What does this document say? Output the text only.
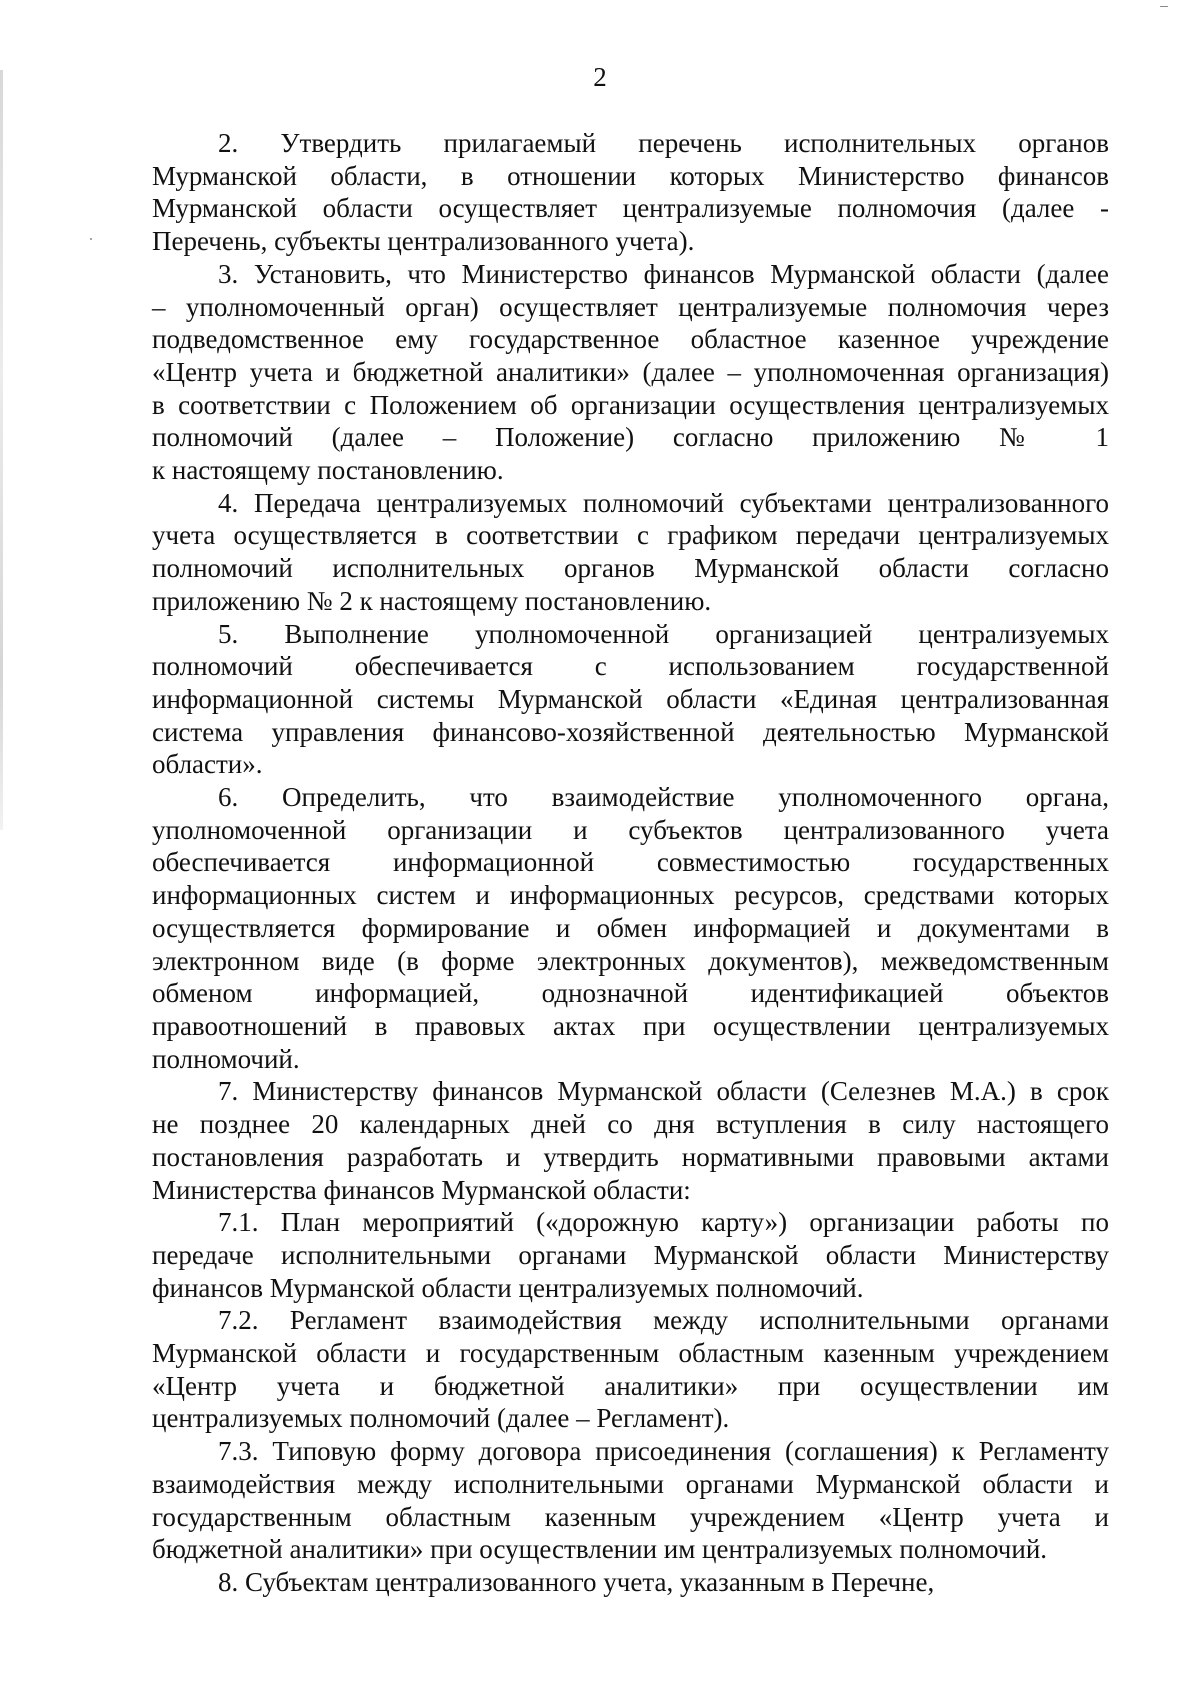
2

2. Утвердить прилагаемый перечень исполнительных органов
Мурманской области, в отношении которых Министерство финансов
Мурманской области осуществляет централизуемые полномочия (далее -
Перечень, субъекты централизованного учета).

3. Установить, что Министерство финансов Мурманской области (далее
– уполномоченный орган) осуществляет централизуемые полномочия через
подведомственное ему государственное областное казенное учреждение
«Центр учета и бюджетной аналитики» (далее – уполномоченная организация)
в соответствии с Положением об организации осуществления централизуемых
полномочий (далее – Положение) согласно приложению № 1
к настоящему постановлению.

4. Передача централизуемых полномочий субъектами централизованного
учета осуществляется в соответствии с графиком передачи централизуемых
полномочий исполнительных органов Мурманской области согласно
приложению № 2 к настоящему постановлению.

5. Выполнение уполномоченной организацией централизуемых
полномочий обеспечивается с использованием государственной
информационной системы Мурманской области «Единая централизованная
система управления финансово-хозяйственной деятельностью Мурманской
области».

6. Определить, что взаимодействие уполномоченного органа,
уполномоченной организации и субъектов централизованного учета
обеспечивается информационной совместимостью государственных
информационных систем и информационных ресурсов, средствами которых
осуществляется формирование и обмен информацией и документами в
электронном виде (в форме электронных документов), межведомственным
обменом информацией, однозначной идентификацией объектов
правоотношений в правовых актах при осуществлении централизуемых
полномочий.

7. Министерству финансов Мурманской области (Селезнев М.А.) в срок
не позднее 20 календарных дней со дня вступления в силу настоящего
постановления разработать и утвердить нормативными правовыми актами
Министерства финансов Мурманской области:

7.1. План мероприятий («дорожную карту») организации работы по
передаче исполнительными органами Мурманской области Министерству
финансов Мурманской области централизуемых полномочий.

7.2. Регламент взаимодействия между исполнительными органами
Мурманской области и государственным областным казенным учреждением
«Центр учета и бюджетной аналитики» при осуществлении им
централизуемых полномочий (далее – Регламент).

7.3. Типовую форму договора присоединения (соглашения) к Регламенту
взаимодействия между исполнительными органами Мурманской области и
государственным областным казенным учреждением «Центр учета и
бюджетной аналитики» при осуществлении им централизуемых полномочий.

8. Субъектам централизованного учета, указанным в Перечне,
